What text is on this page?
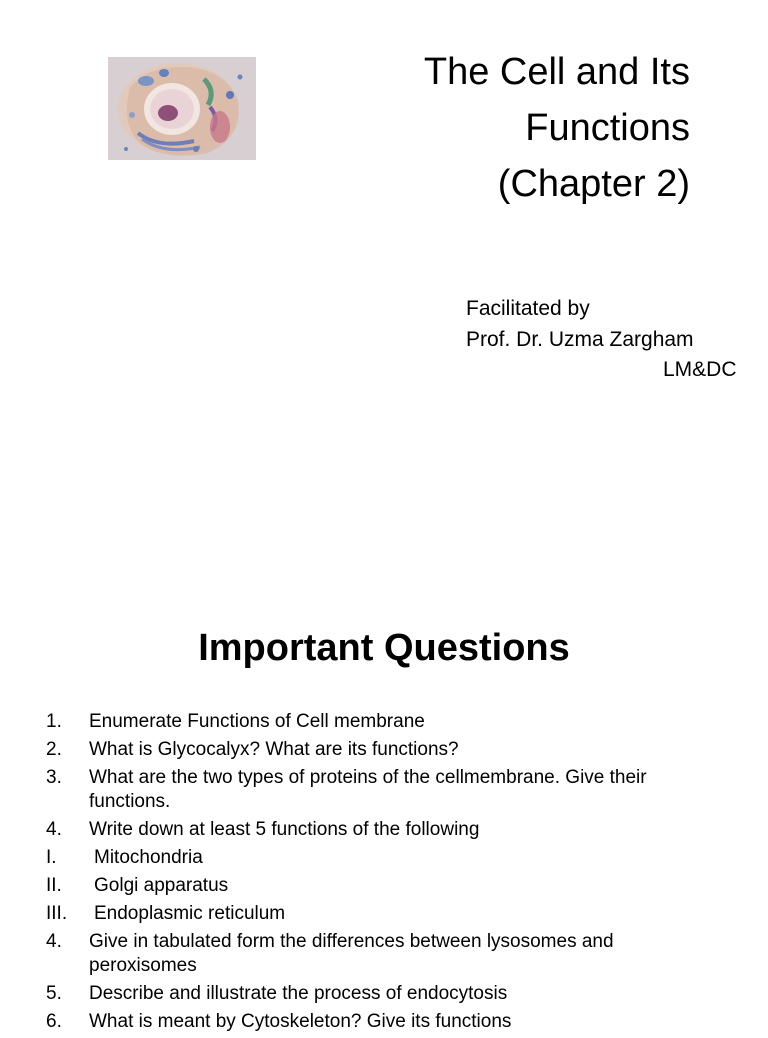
The Cell and Its
Functions
(Chapter 2)
Facilitated by
Prof. Dr. Uzma Zargham
LM&DC
Important Questions
1.	Enumerate Functions of Cell membrane
2.	What is Glycocalyx? What are its functions?
3.	What are the two types of proteins of the cellmembrane. Give their functions.
4.	Write down at least 5 functions of the following
I.	Mitochondria
II.	Golgi apparatus
III.	Endoplasmic reticulum
4.	Give in tabulated form the differences between lysosomes and peroxisomes
5.	Describe and illustrate the process of endocytosis
6.	What is meant by Cytoskeleton? Give its functions
